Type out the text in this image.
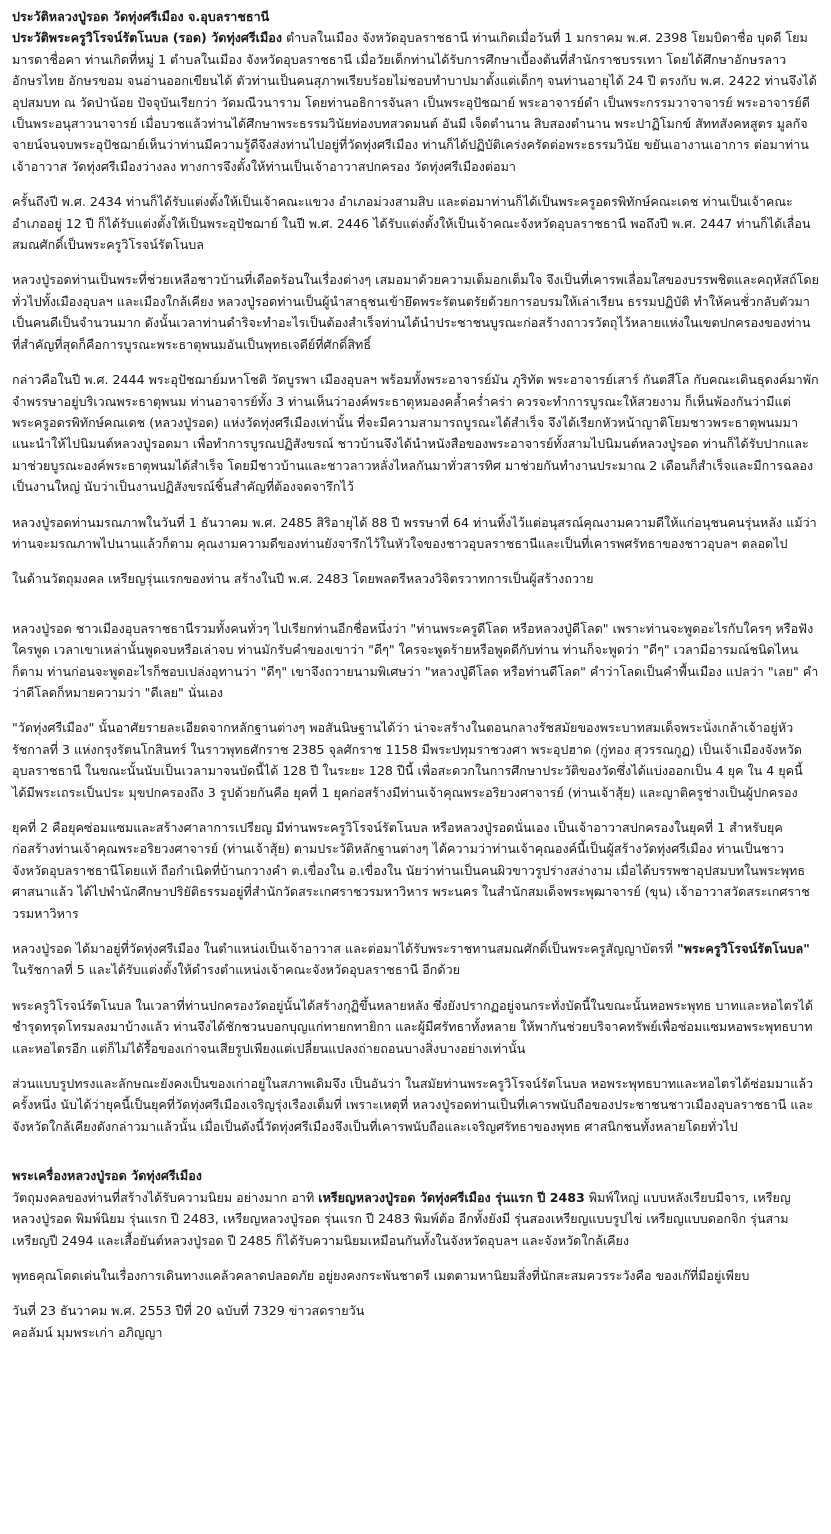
ประวัติหลวงปู่รอด วัดทุ่งศรีเมือง จ.อุบลราชธานี
ประวัติพระครูวิโรจน์รัตโนบล (รอด) วัดทุ่งศรีเมือง ตำบลในเมือง จังหวัดอุบลราชธานี ท่านเกิดเมื่อวันที่ 1 มกราคม พ.ศ. 2398 โยมบิดาชื่อ บุดดี โยมมารดาชื่อคา ท่านเกิดที่หมู่ 1 ตำบลในเมือง จังหวัดอุบลราชธานี เมื่อวัยเด็กท่านได้รับการศึกษาเบื้องต้นที่สำนักราชบรรเทา โดยได้ศึกษาอักษรลาว อักษรไทย อักษรขอม จนอ่านออกเขียนได้ ตัวท่านเป็นคนสุภาพเรียบร้อยไม่ชอบทำบาปมาตั้งแต่เด็กๆ จนท่านอายุได้ 24 ปี ตรงกับ พ.ศ. 2422 ท่านจึงได้อุปสมบท ณ วัดป่าน้อย ปัจจุบันเรียกว่า วัดมณีวนาราม โดยท่านอธิการจันลา เป็นพระอุปัชฌาย์ พระอาจารย์ดำ เป็นพระกรรมวาจาจารย์ พระอาจารย์ดีเป็นพระอนุสาวนาจารย์ เมื่อบวชแล้วท่านได้ศึกษาพระธรรมวินัยท่องบทสวดมนต์ อันมี เจ็ดตำนาน สิบสองตำนาน พระปาฏิโมกข์ สัททสังคหสูตร มูลกัจจายน์จนจบพระอุปัชฌาย์เห็นว่าท่านมีความรู้ดีจึงส่งท่านไปอยู่ที่วัดทุ่งศรีเมือง ท่านก็ได้ปฏิบัติเคร่งครัดต่อพระธรรมวินัย ขยันเอางานเอาการ ต่อมาท่านเจ้าอาวาส วัดทุ่งศรีเมืองว่างลง ทางการจึงตั้งให้ท่านเป็นเจ้าอาวาสปกครอง วัดทุ่งศรีเมืองต่อมา

ครั้นถึงปี พ.ศ. 2434 ท่านก็ได้รับแต่งตั้งให้เป็นเจ้าคณะแขวง อำเภอม่วงสามสิบ และต่อมาท่านก็ได้เป็นพระครูอดรพิทักษ์คณะเดช ท่านเป็นเจ้าคณะอำเภออยู่ 12 ปี ก็ได้รับแต่งตั้งให้เป็นพระอุปัชฌาย์ ในปี พ.ศ. 2446 ได้รับแต่งตั้งให้เป็นเจ้าคณะจังหวัดอุบลราชธานี พอถึงปี พ.ศ. 2447 ท่านก็ได้เลื่อนสมณศักดิ์เป็นพระครูวิโรจน์รัตโนบล

หลวงปู่รอดท่านเป็นพระที่ช่วยเหลือชาวบ้านที่เดือดร้อนในเรื่องต่างๆ เสมอมาด้วยความเต็มอกเต็มใจ จึงเป็นที่เคารพเลื่อมใสของบรรพชิตและคฤหัสถ์โดยทั่วไปทั้งเมืองอุบลฯ และเมืองใกล้เคียง หลวงปู่รอดท่านเป็นผู้นำสาธุชนเข้ายึดพระรัตนตรัยด้วยการอบรมให้เล่าเรียน ธรรมปฏิบัติ ทำให้คนชั่วกลับตัวมาเป็นคนดีเป็นจำนวนมาก ดังนั้นเวลาท่านดำริจะทำอะไรเป็นต้องสำเร็จท่านได้นำประชาชนบูรณะก่อสร้างถาวรวัตถุไว้หลายแห่งในเขตปกครองของท่าน ที่สำคัญที่สุดก็คือการบูรณะพระธาตุพนมอันเป็นพุทธเจดีย์ที่ศักดิ์สิทธิ์

กล่าวคือในปี พ.ศ. 2444 พระอุปัชฌาย์มหาโชติ วัดบูรพา เมืองอุบลฯ พร้อมทั้งพระอาจารย์มัน ภูริทัต พระอาจารย์เสาร์ กันตสีโล กับคณะเดินธุดงค์มาพักจำพรรษาอยู่บริเวณพระธาตุพนม ท่านอาจารย์ทั้ง 3 ท่านเห็นว่าองค์พระธาตุหมองคล้ำคร่ำคร่า ควรจะทำการบูรณะให้สวยงาม ก็เห็นพ้องกันว่ามีแต่ พระครูอดรพิทักษ์คณเดช (หลวงปู่รอด) แห่งวัดทุ่งศรีเมืองเท่านั้น ที่จะมีความสามารถบูรณะได้สำเร็จ จึงได้เรียกหัวหน้าญาติโยมชาวพระธาตุพนมมาแนะนำให้ไปนิมนต์หลวงปู่รอดมา เพื่อทำการบูรณปฏิสังขรณ์ ชาวบ้านจึงได้นำหนังสือของพระอาจารย์ทั้งสามไปนิมนต์หลวงปู่รอด ท่านก็ได้รับปากและมาช่วยบูรณะองค์พระธาตุพนมได้สำเร็จ โดยมีชาวบ้านและชาวลาวหลั่งไหลกันมาทั่วสารทิศ มาช่วยกันทำงานประมาณ 2 เดือนก็สำเร็จและมีการฉลองเป็นงานใหญ่ นับว่าเป็นงานปฏิสังขรณ์ชิ้นสำคัญที่ต้องจดจารึกไว้

หลวงปู่รอดท่านมรณภาพในวันที่ 1 ธันวาคม พ.ศ. 2485 สิริอายุได้ 88 ปี พรรษาที่ 64 ท่านทิ้งไว้แต่อนุสรณ์คุณงามความดีให้แก่อนุชนคนรุ่นหลัง แม้ว่าท่านจะมรณภาพไปนานแล้วก็ตาม คุณงามความดีของท่านยังจารึกไว้ในหัวใจของชาวอุบลราชธานีและเป็นที่เคารพศรัทธาของชาวอุบลฯ ตลอดไป

ในด้านวัตถุมงคล เหรียญรุ่นแรกของท่าน สร้างในปี พ.ศ. 2483 โดยพลตรีหลวงวิจิตรวาทการเป็นผู้สร้างถวาย

หลวงปู่รอด ชาวเมืองอุบลราชธานีรวมทั้งคนทั่วๆ ไปเรียกท่านอีกชื่อหนึ่งว่า "ท่านพระครูดีโลด หรือหลวงปู่ดีโลด" เพราะท่านจะพูดอะไรกับใครๆ หรือฟังใครพูด เวลาเขาเหล่านั้นพูดจบหรือเล่าจบ ท่านมักรับคำของเขาว่า "ดีๆ" ใครจะพูดร้ายหรือพูดดีกับท่าน ท่านก็จะพูดว่า "ดีๆ" เวลามีอารมณ์ชนิดไหนก็ตาม ท่านก่อนจะพูดอะไรก็ชอบเปล่งอุทานว่า "ดีๆ" เขาจึงถวายนามพิเศษว่า "หลวงปู่ดีโลด หรือท่านดีโลด" คำว่าโลดเป็นคำพื้นเมือง แปลว่า "เลย" คำว่าดีโลดก็หมายความว่า "ดีเลย" นั่นเอง

"วัดทุ่งศรีเมือง" นั้นอาศัยรายละเอียดจากหลักฐานต่างๆ พอสันนิษฐานได้ว่า น่าจะสร้างในตอนกลางรัชสมัยของพระบาทสมเด็จพระนั่งเกล้าเจ้าอยู่หัว รัชกาลที่ 3 แห่งกรุงรัตนโกสินทร์ ในราวพุทธศักราช 2385 จุลศักราช 1158 มีพระปทุมราชวงศา พระอุปฮาด (กู่ทอง สุวรรณกูฏ) เป็นเจ้าเมืองจังหวัดอุบลราชธานี ในขณะนั้นนับเป็นเวลามาจนบัดนี้ได้ 128 ปี ในระยะ 128 ปีนี้ เพื่อสะดวกในการศึกษาประวัติของวัดซึ่งได้แบ่งออกเป็น 4 ยุค ใน 4 ยุคนี้ ได้มีพระเถระเป็นประ มุขปกครองถึง 3 รูปด้วยกันคือ ยุคที่ 1 ยุคก่อสร้างมีท่านเจ้าคุณพระอริยวงศาจารย์ (ท่านเจ้าสุ้ย) และญาติครูช่างเป็นผู้ปกครอง

ยุคที่ 2 คือยุคซ่อมแซมและสร้างศาลาการเปรียญ มีท่านพระครูวิโรจน์รัตโนบล หรือหลวงปู่รอดนั่นเอง เป็นเจ้าอาวาสปกครองในยุคที่ 1 สำหรับยุคก่อสร้างท่านเจ้าคุณพระอริยวงศาจารย์ (ท่านเจ้าสุ้ย) ตามประวัติหลักฐานต่างๆ ได้ความว่าท่านเจ้าคุณองค์นี้เป็นผู้สร้างวัดทุ่งศรีเมือง ท่านเป็นชาวจังหวัดอุบลราชธานีโดยแท้ ถือกำเนิดที่บ้านกวางคำ ต.เขื่องใน อ.เขื่องใน นัยว่าท่านเป็นคนผิวขาวรูปร่างสง่างาม เมื่อได้บรรพชาอุปสมบทในพระพุทธศาสนาแล้ว ได้ไปพำนักศึกษาปริยัติธรรมอยู่ที่สำนักวัดสระเกศราชวรมหาวิหาร พระนคร ในสำนักสมเด็จพระพุฒาจารย์ (ขุน) เจ้าอาวาสวัดสระเกศราชวรมหาวิหาร

หลวงปู่รอด ได้มาอยู่ที่วัดทุ่งศรีเมือง ในตำแหน่งเป็นเจ้าอาวาส และต่อมาได้รับพระราชทานสมณศักดิ์เป็นพระครูสัญญาบัตรที่ "พระครูวิโรจน์รัตโนบล" ในรัชกาลที่ 5 และได้รับแต่งตั้งให้ดำรงตำแหน่งเจ้าคณะจังหวัดอุบลราชธานี อีกด้วย

พระครูวิโรจน์รัตโนบล ในเวลาที่ท่านปกครองวัดอยู่นั้นได้สร้างกุฏิขึ้นหลายหลัง ซึ่งยังปรากฏอยู่จนกระทั่งบัดนี้ในขณะนั้นหอพระพุทธ บาทและหอไตรได้ชำรุดทรุดโทรมลงมาบ้างแล้ว ท่านจึงได้ชักชวนบอกบุญแก่ทายกทายิกา และผู้มีศรัทธาทั้งหลาย ให้พากันช่วยบริจาคทรัพย์เพื่อซ่อมแซมหอพระพุทธบาทและหอไตรอีก แต่ก็ไม่ได้รื้อของเก่าจนเสียรูปเพียงแต่เปลี่ยนแปลงถ่ายถอนบางสิ่งบางอย่างเท่านั้น

ส่วนแบบรูปทรงและลักษณะยังคงเป็นของเก่าอยู่ในสภาพเดิมจึง เป็นอันว่า ในสมัยท่านพระครูวิโรจน์รัตโนบล หอพระพุทธบาทและหอไตรได้ซ่อมมาแล้วครั้งหนึ่ง นับได้ว่ายุคนี้เป็นยุคที่วัดทุ่งศรีเมืองเจริญรุ่งเรืองเต็มที่ เพราะเหตุที่ หลวงปู่รอดท่านเป็นที่เคารพนับถือของประชาชนชาวเมืองอุบลราชธานี และจังหวัดใกล้เคียงดังกล่าวมาแล้วนั้น เมื่อเป็นดังนี้วัดทุ่งศรีเมืองจึงเป็นที่เคารพนับถือและเจริญศรัทธาของพุทธ ศาสนิกชนทั้งหลายโดยทั่วไป

พระเครื่องหลวงปู่รอด วัดทุ่งศรีเมือง
วัตถุมงคลของท่านที่สร้างได้รับความนิยม อย่างมาก อาทิ เหรียญหลวงปู่รอด วัดทุ่งศรีเมือง รุ่นแรก ปี 2483 พิมพ์ใหญ่ แบบหลังเรียบมีจาร, เหรียญหลวงปู่รอด พิมพ์นิยม รุ่นแรก ปี 2483, เหรียญหลวงปู่รอด รุ่นแรก ปี 2483 พิมพ์ต้อ อีกทั้งยังมี รุ่นสองเหรียญแบบรูปไข่ เหรียญแบบดอกจิก รุ่นสาม เหรียญปี 2494 และเสื้อยันต์หลวงปู่รอด ปี 2485 ก็ได้รับความนิยมเหมือนกันทั้งในจังหวัดอุบลฯ และจังหวัดใกล้เคียง

พุทธคุณโดดเด่นในเรื่องการเดินทางแคล้วคลาดปลอดภัย อยู่ยงคงกระพันชาตรี เมตตามหานิยมสิ่งที่นักสะสมควรระวังคือ ของเก๊ที่มีอยู่เพียบ

วันที่ 23 ธันวาคม พ.ศ. 2553 ปีที่ 20 ฉบับที่ 7329 ข่าวสดรายวัน

คอลัมน์ มุมพระเก่า อภิญญา
